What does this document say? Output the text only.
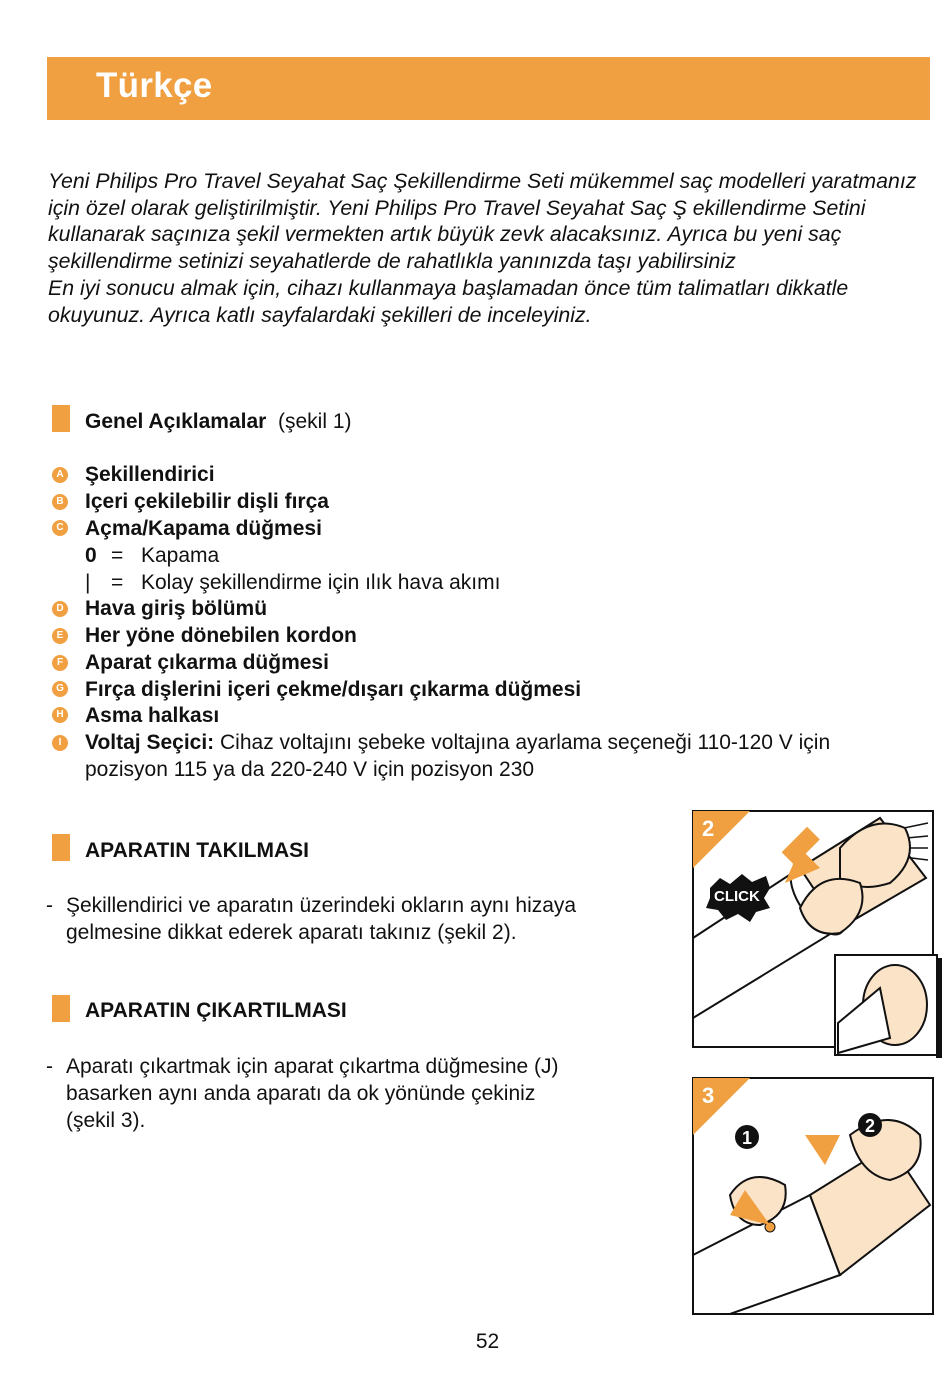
Türkçe

Yeni Philips Pro Travel Seyahat Saç Şekillendirme Seti mükemmel saç modelleri yaratmanız için özel olarak geliştirilmiştir. Yeni Philips Pro Travel Seyahat Saç Ş ekillendirme Setini kullanarak saçınıza şekil vermekten artık büyük zevk alacaksınız. Ayrıca bu yeni saç şekillendirme setinizi seyahatlerde de rahatlıkla yanınızda taşı yabilirsiniz

En iyi sonucu almak için, cihazı kullanmaya başlamadan önce tüm talimatları dikkatle okuyunuz. Ayrıca katlı sayfalardaki şekilleri de inceleyiniz.

Genel Açıklamalar (şekil 1)
A Şekillendirici
B Içeri çekilebilir dişli fırça
C Açma/Kapama düğmesi
0 = Kapama
| = Kolay şekillendirme için ılık hava akımı
D Hava giriş bölümü
E Her yöne dönebilen kordon
F Aparat çıkarma düğmesi
G Fırça dişlerini içeri çekme/dışarı çıkarma düğmesi
H Asma halkası
I	Voltaj Seçici: Cihaz voltajını şebeke voltajına ayarlama seçeneği 110-120 V için
pozisyon 115 ya da 220-240 V için pozisyon 230
APARATIN TAKILMASI
- Şekillendirici ve aparatın üzerindeki okların aynı hizaya
gelmesine dikkat ederek aparatı takınız (şekil 2).
APARATIN ÇIKARTILMASI
- Aparatı çıkartmak için aparat çıkartma düğmesine (J)
basarken aynı anda aparatı da ok yönünde çekiniz
(şekil 3).
2
CLICK
3
1
2
52
